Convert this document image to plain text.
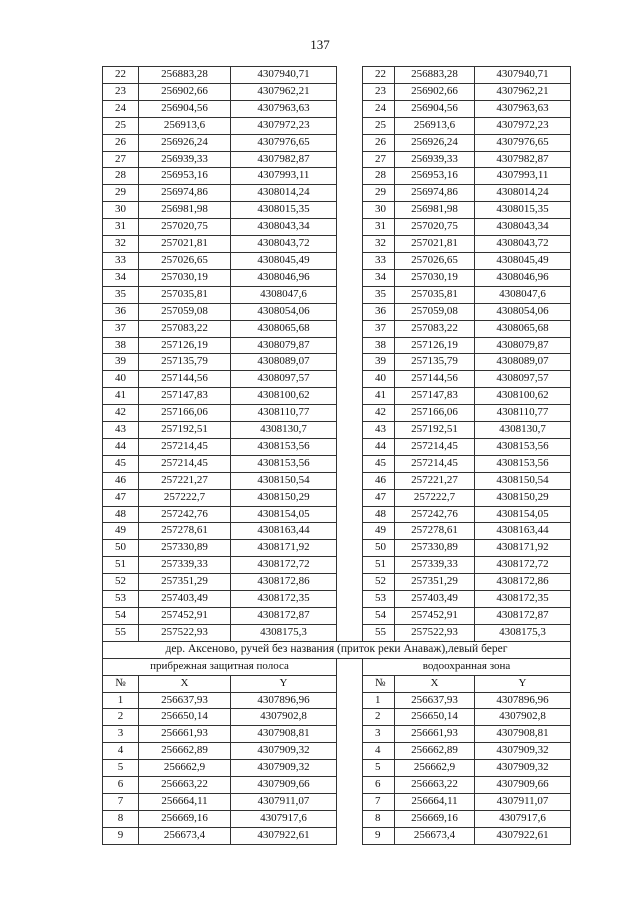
137
22	256883,28	4307940,71		22	256883,28	4307940,71
23	256902,66	4307962,21		23	256902,66	4307962,21
24	256904,56	4307963,63		24	256904,56	4307963,63
25	256913,6	4307972,23		25	256913,6	4307972,23
26	256926,24	4307976,65		26	256926,24	4307976,65
27	256939,33	4307982,87		27	256939,33	4307982,87
28	256953,16	4307993,11		28	256953,16	4307993,11
29	256974,86	4308014,24		29	256974,86	4308014,24
30	256981,98	4308015,35		30	256981,98	4308015,35
31	257020,75	4308043,34		31	257020,75	4308043,34
32	257021,81	4308043,72		32	257021,81	4308043,72
33	257026,65	4308045,49		33	257026,65	4308045,49
34	257030,19	4308046,96		34	257030,19	4308046,96
35	257035,81	4308047,6		35	257035,81	4308047,6
36	257059,08	4308054,06		36	257059,08	4308054,06
37	257083,22	4308065,68		37	257083,22	4308065,68
38	257126,19	4308079,87		38	257126,19	4308079,87
39	257135,79	4308089,07		39	257135,79	4308089,07
40	257144,56	4308097,57		40	257144,56	4308097,57
41	257147,83	4308100,62		41	257147,83	4308100,62
42	257166,06	4308110,77		42	257166,06	4308110,77
43	257192,51	4308130,7		43	257192,51	4308130,7
44	257214,45	4308153,56		44	257214,45	4308153,56
45	257214,45	4308153,56		45	257214,45	4308153,56
46	257221,27	4308150,54		46	257221,27	4308150,54
47	257222,7	4308150,29		47	257222,7	4308150,29
48	257242,76	4308154,05		48	257242,76	4308154,05
49	257278,61	4308163,44		49	257278,61	4308163,44
50	257330,89	4308171,92		50	257330,89	4308171,92
51	257339,33	4308172,72		51	257339,33	4308172,72
52	257351,29	4308172,86		52	257351,29	4308172,86
53	257403,49	4308172,35		53	257403,49	4308172,35
54	257452,91	4308172,87		54	257452,91	4308172,87
55	257522,93	4308175,3		55	257522,93	4308175,3
дер. Аксеново, ручей без названия (приток реки Анаваж),левый берег						
прибрежная защитная полоса				водоохранная зона		
№	X	Y		№	X	Y
1	256637,93	4307896,96		1	256637,93	4307896,96
2	256650,14	4307902,8		2	256650,14	4307902,8
3	256661,93	4307908,81		3	256661,93	4307908,81
4	256662,89	4307909,32		4	256662,89	4307909,32
5	256662,9	4307909,32		5	256662,9	4307909,32
6	256663,22	4307909,66		6	256663,22	4307909,66
7	256664,11	4307911,07		7	256664,11	4307911,07
8	256669,16	4307917,6		8	256669,16	4307917,6
9	256673,4	4307922,61		9	256673,4	4307922,61
